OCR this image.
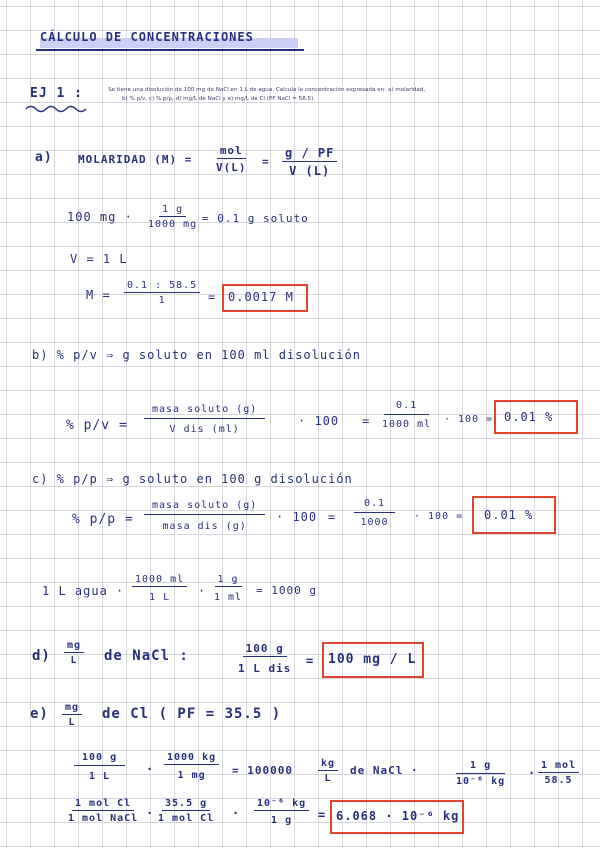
CÁLCULO DE CONCENTRACIONES
EJ 1 :	Se tiene una disolución de 100 mg de NaCl en 1 L de agua. Calcula la concentración expresada en: a) molaridad,
b) % p/v, c) % p/p, d) mg/L de NaCl y e) mg/L de Cl (PF NaCl = 58.5)
a) MOLARIDAD (M) =
mol
$V(L) = \frac{g / PF}{V (L)}$
100 mg · $\frac{1 g}{1000 mg} = 0.1$ g soluto
V = 1 L
$M = \frac{0.1 : 58.5}{1} = 0.0017$ M
b) % p/v ⇒ g soluto en 100 ml disolución
% p/v =
masa soluto (g)
V dis (ml)
· $100 = \frac{0.1}{1000 ml} \cdot 100 = 0.01$ %
c) % p/p ⇒ g soluto en 100 g disolución
% p/p =
masa soluto (g)
masa dis (g)
· $100 = \frac{0.1}{1000} \cdot 100 = 0.01$ %
1 L agua · $\frac{1000 ml}{1 L} \cdot \frac{1 g}{1 ml} = 1000$ g
$d) \frac{mg}{L}$ de NaCl :	100 g
1 L dis
= 100 mg / L
$e) \frac{mg}{L}$ de Cl ( PF = 35.5 )
$\frac{100 g}{1 L} \cdot \frac{1000 kg}{1 mg} = 100000$	$\frac{kg}{L}$ de NaCl ·	$\frac{1 g}{\text{10⁻⁶ kg}}$ ·
1 mol
58.5
1 mol Cl
1 mol NaCl ·
35.5 g
1 mol $Cl \cdot \frac{\text{10⁻⁶ kg}}{1 g} = 6.068 \cdot 10^{-6}$ kg
